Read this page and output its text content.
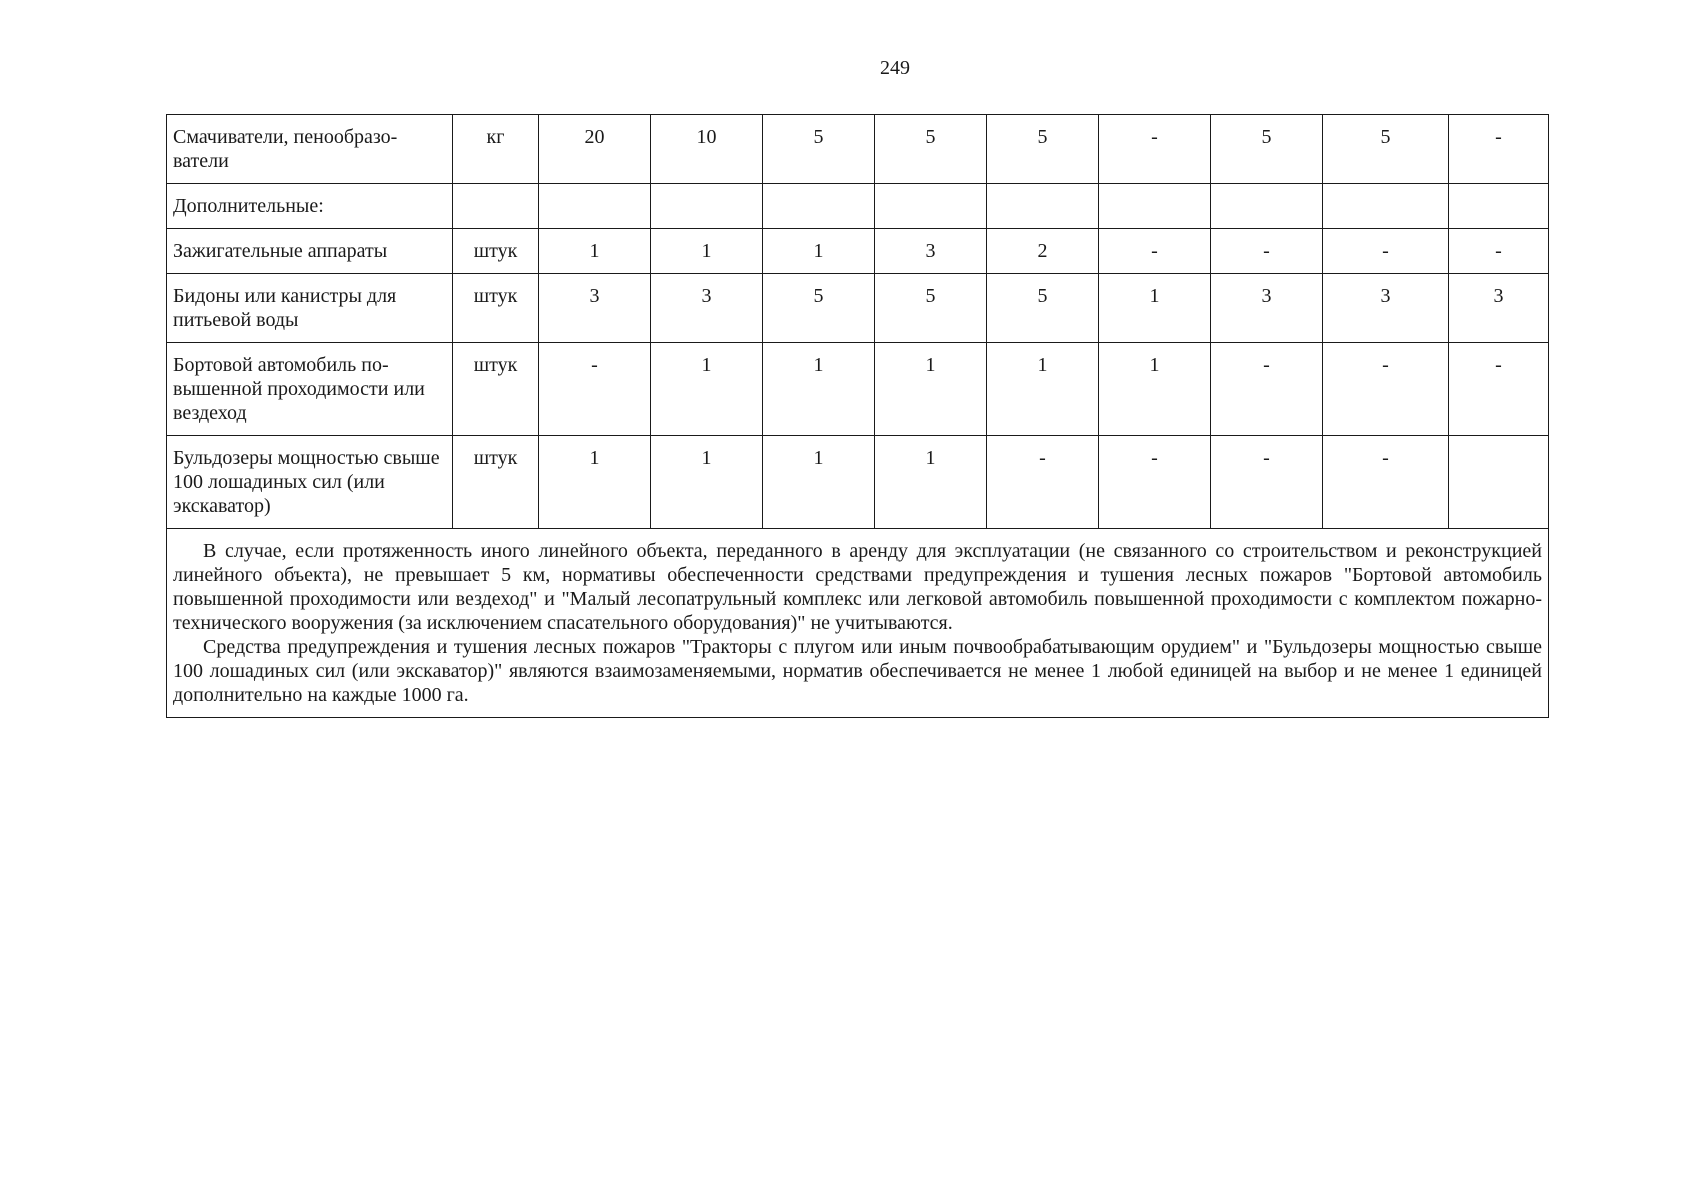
249
Смачиватели, пенообразо-
ватели	кг	20	10	5	5	5	-	5	5	-
Дополнительные:										
Зажигательные аппараты	штук	1	1	1	3	2	-	-	-	-
Бидоны или канистры для питьевой воды	штук	3	3	5	5	5	1	3	3	3
Бортовой автомобиль по-
вышенной проходимости или вездеход	штук	-	1	1	1	1	1	-	-	-
Бульдозеры мощностью свыше 100 лошадиных сил (или экскаватор)	штук	1	1	1	1	-	-	-	-	

В случае, если протяженность иного линейного объекта, переданного в аренду для эксплуатации (не связанного со строительством и реконструкцией линейного объекта), не превышает 5 км, нормативы обеспеченности средствами предупреждения и тушения лесных пожаров "Бортовой автомобиль повышенной проходимости или вездеход" и "Малый лесопатрульный комплекс или легковой автомобиль повышенной проходимости с комплектом пожарно-технического вооружения (за исключением спасательного оборудования)" не учитываются.

Средства предупреждения и тушения лесных пожаров "Тракторы с плугом или иным почвообрабатывающим орудием" и "Бульдозеры мощностью свыше 100 лошадиных сил (или экскаватор)" являются взаимозаменяемыми, норматив обеспечивается не менее 1 любой единицей на выбор и не менее 1 единицей дополнительно на каждые 1000 га.										
